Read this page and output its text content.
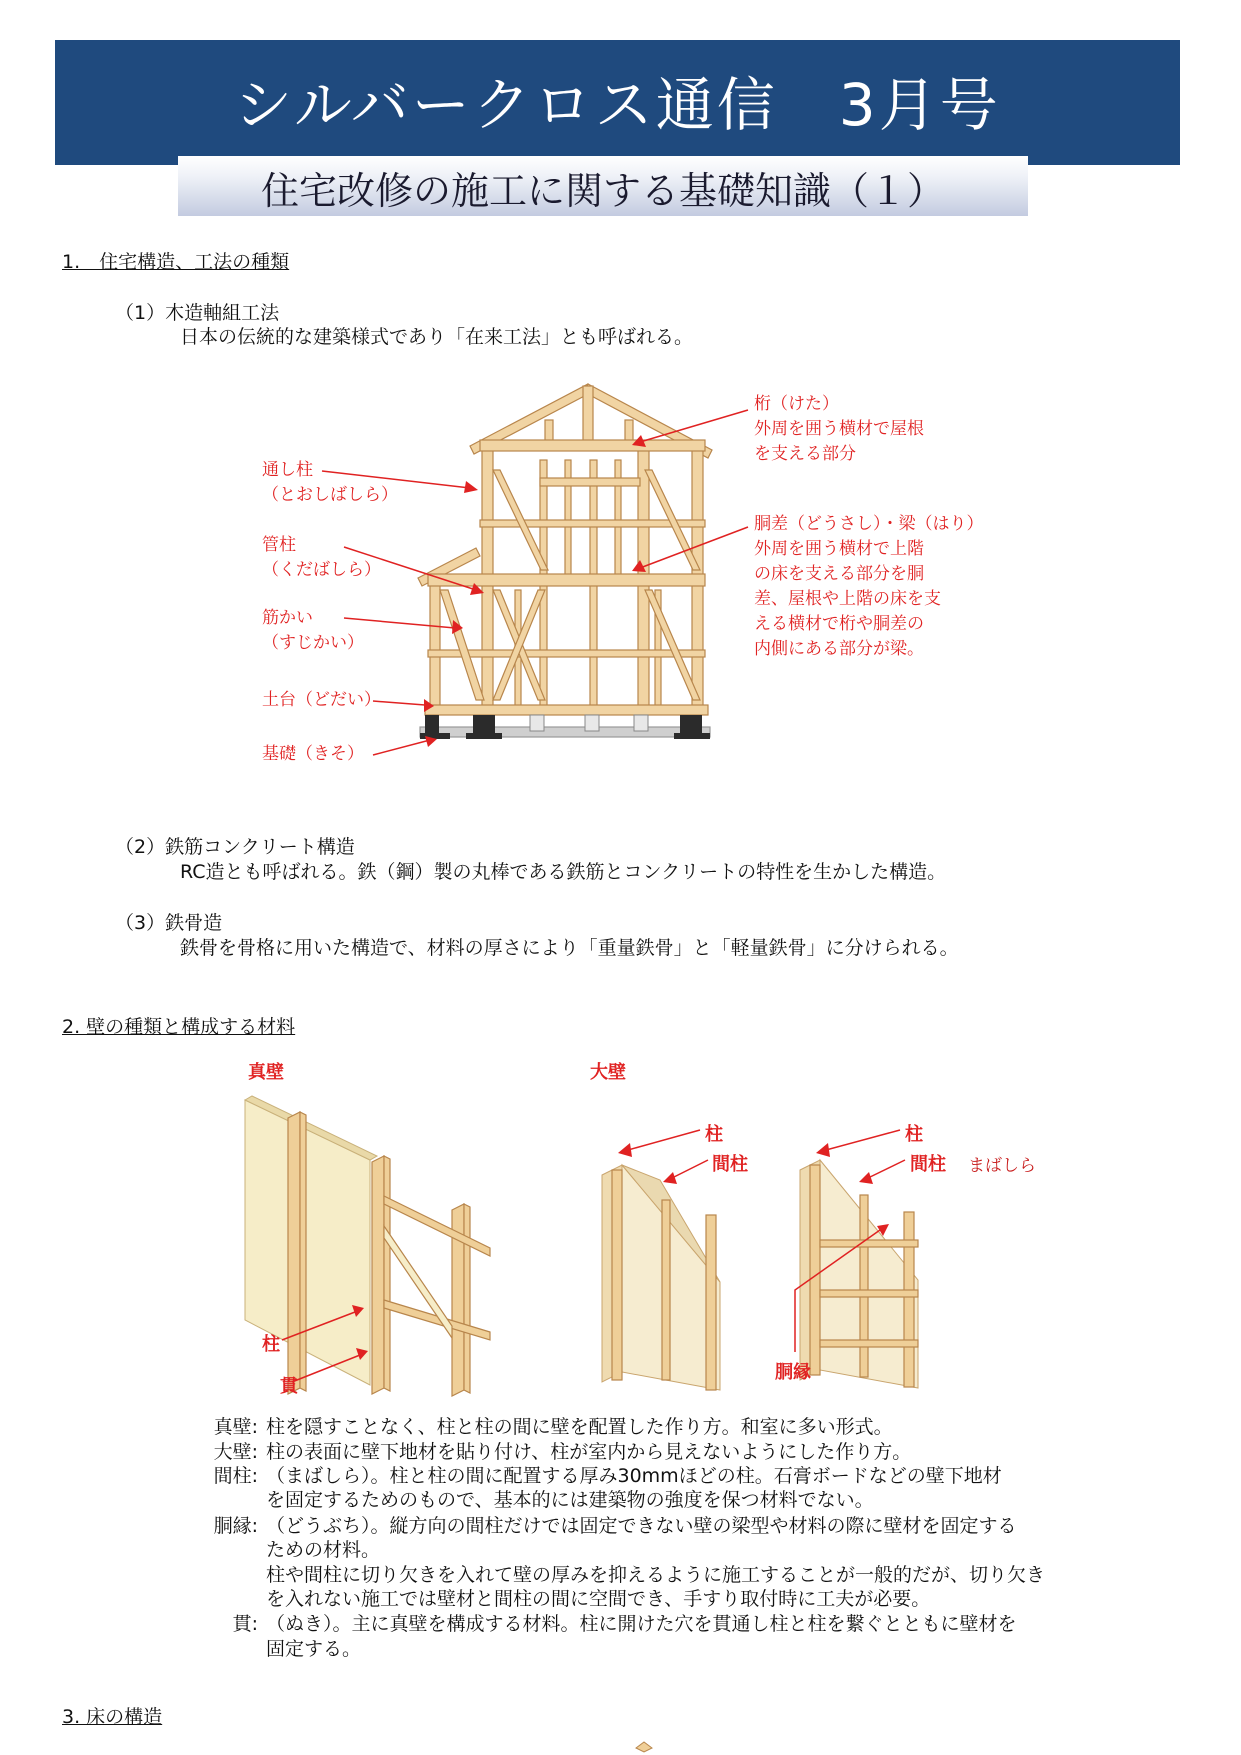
シルバークロス通信　3月号
住宅改修の施工に関する基礎知識（１）
1.　住宅構造、工法の種類
（1）木造軸組工法
日本の伝統的な建築様式であり「在来工法」とも呼ばれる。
通し柱
（とおしばしら）
管柱
（くだばしら）
筋かい
（すじかい）
土台（どだい）
基礎（きそ）
桁（けた）
外周を囲う横材で屋根
を支える部分
胴差（どうさし）・梁（はり）
外周を囲う横材で上階
の床を支える部分を胴
差、屋根や上階の床を支
える横材で桁や胴差の
内側にある部分が梁。
（2）鉄筋コンクリート構造
RC造とも呼ばれる。鉄（鋼）製の丸棒である鉄筋とコンクリートの特性を生かした構造。
（3）鉄骨造
鉄骨を骨格に用いた構造で、材料の厚さにより「重量鉄骨」と「軽量鉄骨」に分けられる。
2. 壁の種類と構成する材料
真壁	大壁
柱
貫
柱
間柱
柱
間柱 まばしら
胴縁
真壁: 柱を隠すことなく、柱と柱の間に壁を配置した作り方。和室に多い形式。
大壁: 柱の表面に壁下地材を貼り付け、柱が室内から見えないようにした作り方。
間柱: （まばしら）。柱と柱の間に配置する厚み30mmほどの柱。石膏ボードなどの壁下地材
を固定するためのもので、基本的には建築物の強度を保つ材料でない。
胴縁: （どうぶち）。縦方向の間柱だけでは固定できない壁の梁型や材料の際に壁材を固定する
ための材料。
柱や間柱に切り欠きを入れて壁の厚みを抑えるように施工することが一般的だが、切り欠き
を入れない施工では壁材と間柱の間に空間でき、手すり取付時に工夫が必要。
貫: （ぬき）。主に真壁を構成する材料。柱に開けた穴を貫通し柱と柱を繋ぐとともに壁材を
固定する。
3. 床の構造
